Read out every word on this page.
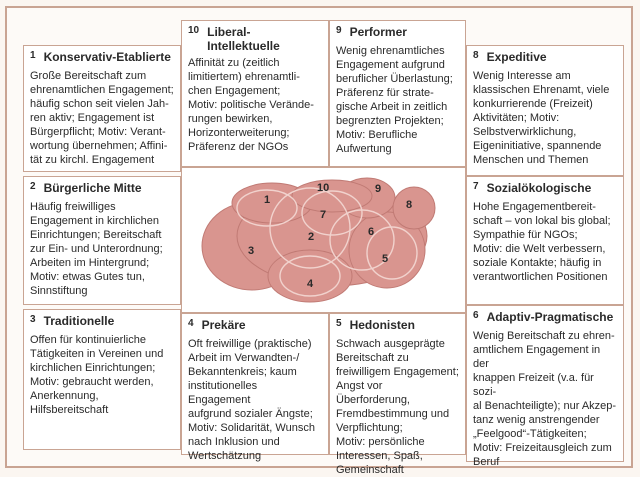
1 Konservativ-Etablierte
Große Bereitschaft zum
ehrenamtlichen Engagement;
häufig schon seit vielen Jah-
ren aktiv; Engagement ist
Bürgerpflicht; Motiv: Verant-
wortung übernehmen; Affini-
tät zu kirchl. Engagement
2 Bürgerliche Mitte
Häufig freiwilliges
Engagement in kirchlichen
Einrichtungen; Bereitschaft
zur Ein- und Unterordnung;
Arbeiten im Hintergrund;
Motiv: etwas Gutes tun,
Sinnstiftung
3 Traditionelle
Offen für kontinuierliche
Tätigkeiten in Vereinen und
kirchlichen Einrichtungen;
Motiv: gebraucht werden,
Anerkennung,
Hilfsbereitschaft
10 Liberal-Intellektuelle
Affinität zu (zeitlich
limitiertem) ehrenamtli-
chen Engagement;
Motiv: politische Verände-
rungen bewirken,
Horizonterweiterung;
Präferenz der NGOs
9 Performer
Wenig ehrenamtliches
Engagement aufgrund
beruflicher Überlastung;
Präferenz für strate-
gische Arbeit in zeitlich
begrenzten Projekten;
Motiv: Berufliche
Aufwertung
8 Expeditive
Wenig Interesse am
klassischen Ehrenamt, viele
konkurrierende (Freizeit)
Aktivitäten; Motiv:
Selbstverwirklichung,
Eigeninitiative, spannende
Menschen und Themen
7 Sozialökologische
Hohe Engagementbereit-
schaft – von lokal bis global;
Sympathie für NGOs;
Motiv: die Welt verbessern,
soziale Kontakte; häufig in
verantwortlichen Positionen
6 Adaptiv-Pragmatische
Wenig Bereitschaft zu ehren-
amtlichem Engagement in der
knappen Freizeit (v.a. für sozi-
al Benachteiligte); nur Akzep-
tanz wenig anstrengender
„Feelgood“-Tätigkeiten;
Motiv: Freizeitausgleich zum
Beruf
4 Prekäre
Oft freiwillige (praktische)
Arbeit im Verwandten-/
Bekanntenkreis; kaum
institutionelles Engagement
aufgrund sozialer Ängste;
Motiv: Solidarität, Wunsch
nach Inklusion und
Wertschätzung
5 Hedonisten
Schwach ausgeprägte
Bereitschaft zu
freiwilligem Engagement;
Angst vor Überforderung,
Fremdbestimmung und
Verpflichtung;
Motiv: persönliche
Interessen, Spaß,
Gemeinschaft
1
2
3
4
5
6
7
8
9
10
